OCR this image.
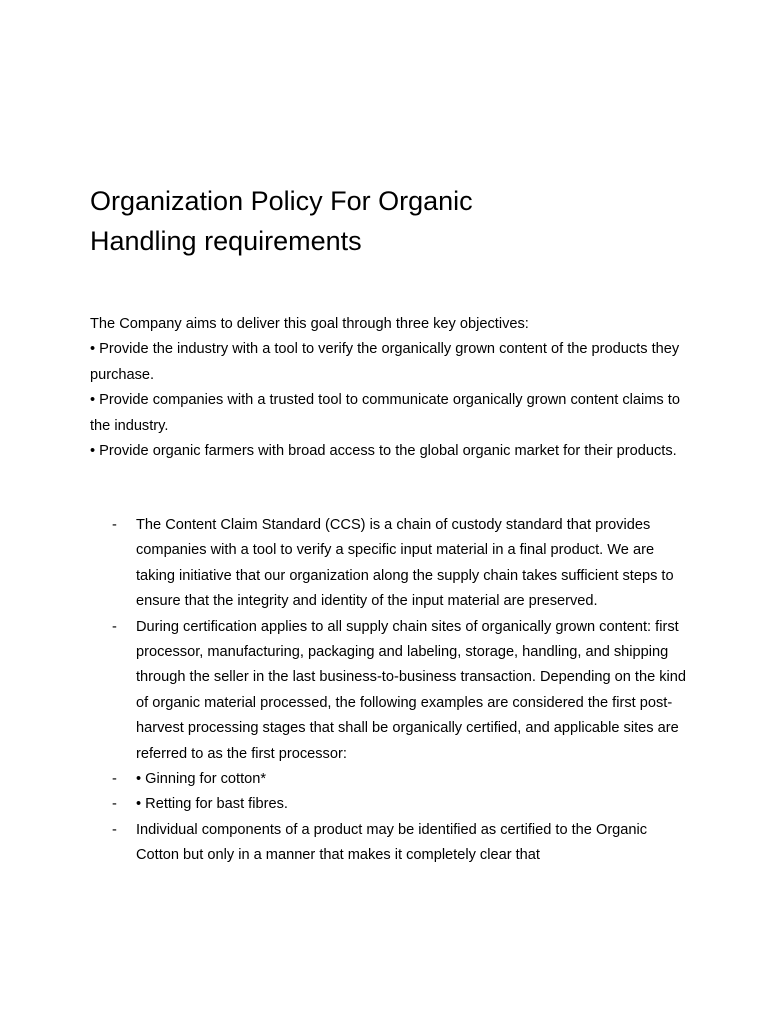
Organization Policy For Organic
Handling requirements

The Company aims to deliver this goal through three key objectives:

• Provide the industry with a tool to verify the organically grown content of the products they purchase.

• Provide companies with a trusted tool to communicate organically grown content claims to the industry.

• Provide organic farmers with broad access to the global organic market for their products.

- The Content Claim Standard (CCS) is a chain of custody standard that provides companies with a tool to verify a specific input material in a final product. We are taking initiative that our organization along the supply chain takes sufficient steps to ensure that the integrity and identity of the input material are preserved.
- During certification applies to all supply chain sites of organically grown content: first processor, manufacturing, packaging and labeling, storage, handling, and shipping through the seller in the last business-to-business transaction. Depending on the kind of organic material processed, the following examples are considered the first post-harvest processing stages that shall be organically certified, and applicable sites are referred to as the first processor:
- • Ginning for cotton*
- • Retting for bast fibres.
- Individual components of a product may be identified as certified to the Organic Cotton but only in a manner that makes it completely clear that
